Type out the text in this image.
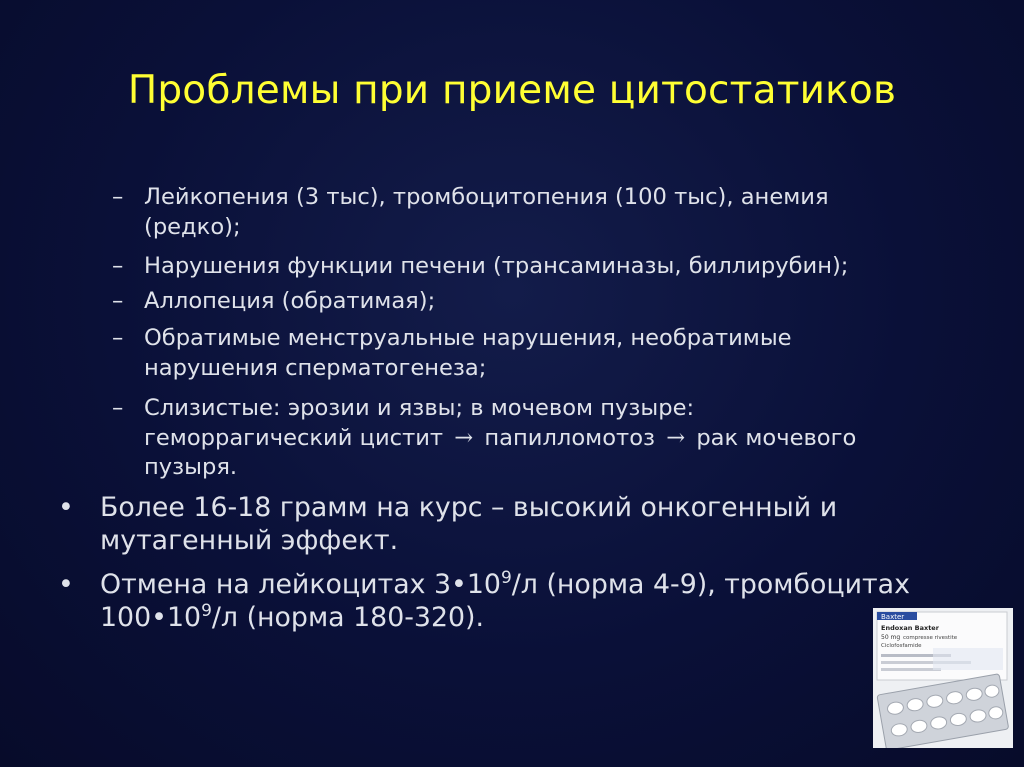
Проблемы при приеме цитостатиков
– Лейкопения (3 тыс), тромбоцитопения (100 тыс), анемия
(редко);
– Нарушения функции печени (трансаминазы, биллирубин);
– Аллопеция (обратимая);
– Обратимые менструальные нарушения, необратимые
нарушения сперматогенеза;
– Слизистые: эрозии и язвы; в мочевом пузыре:
геморрагический цистит → папилломотоз → рак мочевого
пузыря.
• Более 16-18 грамм на курс – высокий онкогенный и
мутагенный эффект.
• Отмена на лейкоцитах $3•10^9/л$ (норма 4-9), тромбоцитах
$100•10^9/л$ (норма 180-320).	Baxter
Endoxan Baxter
50 mg compresse rivestite
Ciclofosfamide
